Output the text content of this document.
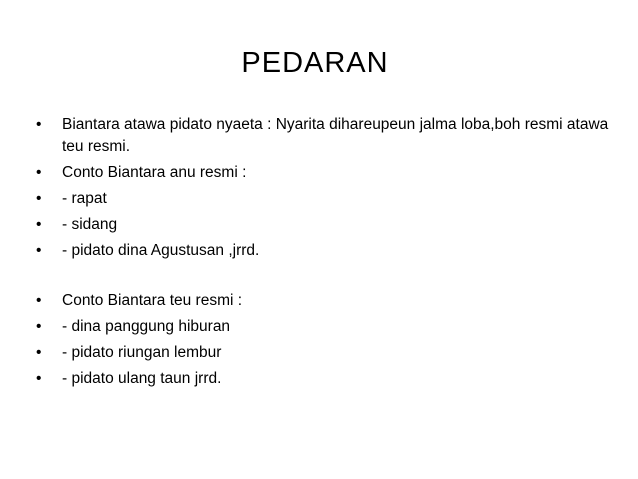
PEDARAN
• Biantara atawa pidato nyaeta : Nyarita dihareupeun jalma loba,boh resmi atawa teu resmi.
• Conto Biantara anu resmi :
• - rapat
• - sidang
• - pidato dina Agustusan ,jrrd.
• Conto Biantara teu resmi :
• - dina panggung hiburan
• - pidato riungan lembur
• - pidato ulang taun jrrd.
